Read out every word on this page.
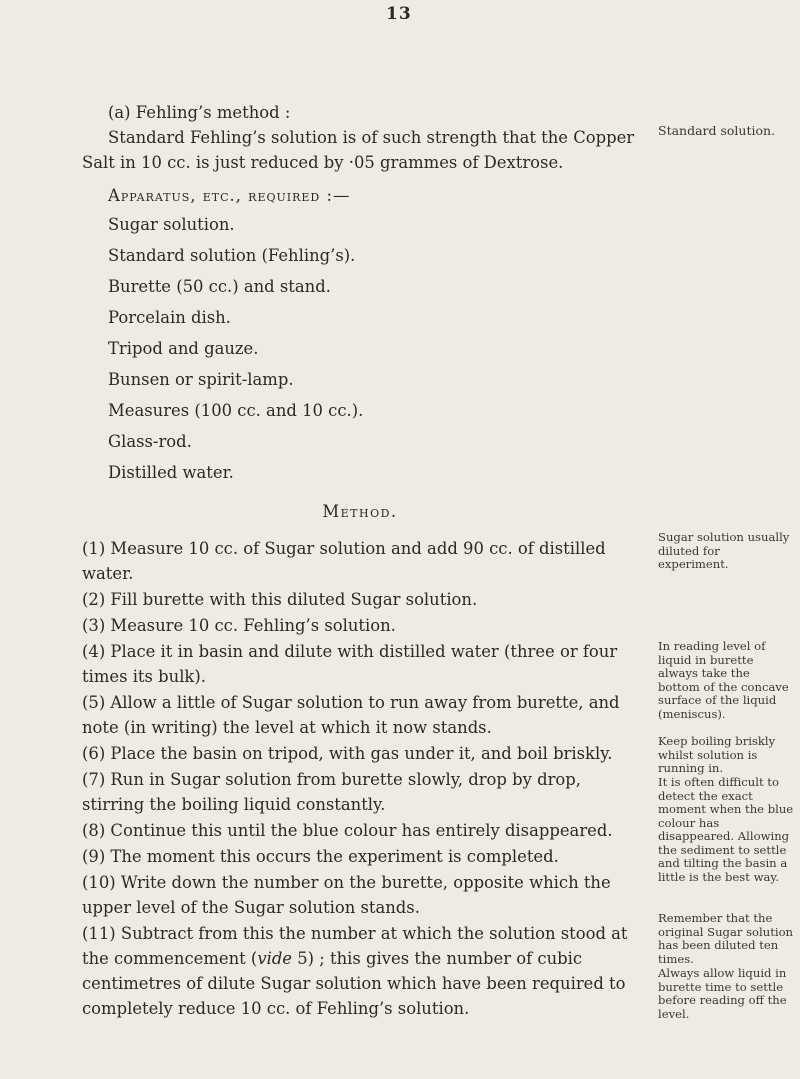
13

(a) Fehling’s method :

Standard Fehling’s solution is of such strength that the Copper Salt in 10 cc. is just reduced by ·05 grammes of Dextrose.

Apparatus, etc., required :—

Sugar solution.

Standard solution (Fehling’s).

Burette (50 cc.) and stand.

Porcelain dish.

Tripod and gauze.

Bunsen or spirit-lamp.

Measures (100 cc. and 10 cc.).

Glass-rod.

Distilled water.

Method.

(1) Measure 10 cc. of Sugar solution and add 90 cc. of distilled water.

(2) Fill burette with this diluted Sugar solution.

(3) Measure 10 cc. Fehling’s solution.

(4) Place it in basin and dilute with distilled water (three or four times its bulk).

(5) Allow a little of Sugar solution to run away from burette, and note (in writing) the level at which it now stands.

(6) Place the basin on tripod, with gas under it, and boil briskly.

(7) Run in Sugar solution from burette slowly, drop by drop, stirring the boiling liquid constantly.

(8) Continue this until the blue colour has entirely disappeared.

(9) The moment this occurs the experiment is completed.

(10) Write down the number on the burette, opposite which the upper level of the Sugar solution stands.

(11) Subtract from this the number at which the solution stood at the commencement (vide 5) ; this gives the number of cubic centimetres of dilute Sugar solution which have been required to completely reduce 10 cc. of Fehling’s solution.

Standard solution.
Sugar solution usually diluted for experiment.
In reading level of liquid in burette always take the bottom of the concave surface of the liquid (meniscus).
Keep boiling briskly whilst solution is running in.
It is often difficult to detect the exact moment when the blue colour has disappeared. Allowing the sediment to settle and tilting the basin a little is the best way.
Remember that the original Sugar solution has been diluted ten times.
Always allow liquid in burette time to settle before reading off the level.
